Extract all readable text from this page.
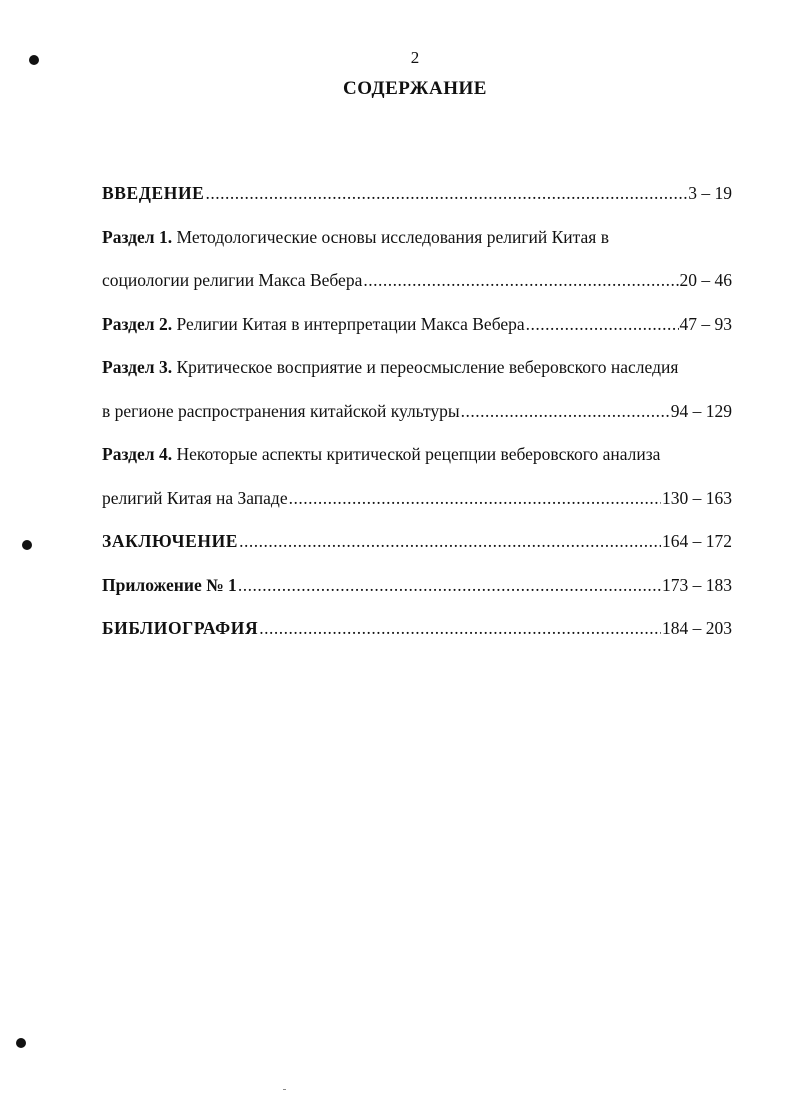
2
СОДЕРЖАНИЕ
ВВЕДЕНИЕ .....	3 – 19
Раздел 1. Методологические основы исследования религий Китая в
социологии религии Макса Вебера .....	20 – 46
Раздел 2. Религии Китая в интерпретации Макса Вебера .....	47 – 93
Раздел 3. Критическое восприятие и переосмысление веберовского наследия
в регионе распространения китайской культуры .....	94 – 129
Раздел 4. Некоторые аспекты критической рецепции веберовского анализа
религий Китая на Западе .....	130 – 163
ЗАКЛЮЧЕНИЕ .....	164 – 172
Приложение № 1 .....	173 – 183
БИБЛИОГРАФИЯ .....	184 – 203
